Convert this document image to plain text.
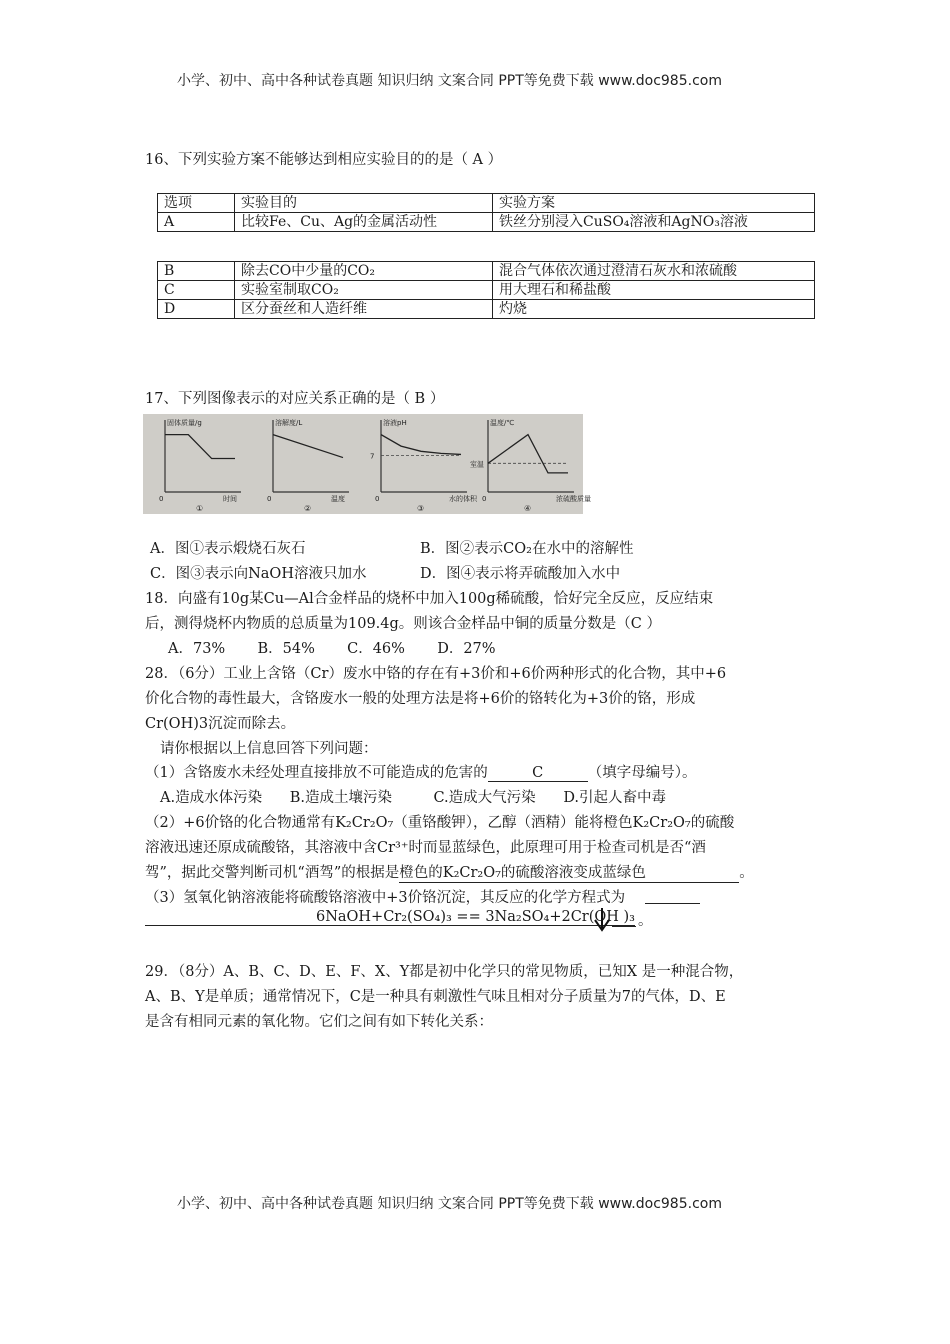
小学、初中、高中各种试卷真题 知识归纳 文案合同 PPT等免费下载 www.doc985.com
16、下列实验方案不能够达到相应实验目的的是（ A ）
选项	实验目的	实验方案
A	比较Fe、Cu、Ag的金属活动性	铁丝分别浸入CuSO₄溶液和AgNO₃溶液
B	除去CO中少量的CO₂	混合气体依次通过澄清石灰水和浓硫酸
C	实验室制取CO₂	用大理石和稀盐酸
D	区分蚕丝和人造纤维	灼烧
17、下列图像表示的对应关系正确的是（ B ）
固体质量/g
时间
0
①
溶解度/L
温度
0
②
溶液pH
水的体积
0
③
7
温度/℃
浓硫酸质量
0
④
室温
A．图①表示煅烧石灰石	B．图②表示CO₂在水中的溶解性
C．图③表示向NaOH溶液只加水	D．图④表示将弄硫酸加入水中
18．向盛有10g某Cu—Al合金样品的烧杯中加入100g稀硫酸，恰好完全反应，反应结束
后，测得烧杯内物质的总质量为109.4g。则该合金样品中铜的质量分数是（C ）
A．73%       B．54%       C．46%       D．27%
28．（6分）工业上含铬（Cr）废水中铬的存在有+3价和+6价两种形式的化合物，其中+6
价化合物的毒性最大，含铬废水一般的处理方法是将+6价的铬转化为+3价的铬，形成
Cr(OH)3沉淀而除去。
请你根据以上信息回答下列问题：
（1）含铬废水未经处理直接排放不可能造成的危害的	C	（填字母编号）。
A.造成水体污染      B.造成土壤污染         C.造成大气污染      D.引起人畜中毒
（2）+6价铬的化合物通常有K₂Cr₂O₇（重铬酸钾），乙醇（酒精）能将橙色K₂Cr₂O₇的硫酸
溶液迅速还原成硫酸铬，其溶液中含Cr³⁺时而显蓝绿色，此原理可用于检查司机是否“酒
驾”，据此交警判断司机“酒驾”的根据是橙色的K₂Cr₂O₇的硫酸溶液变成蓝绿色	。
（3）氢氧化钠溶液能将硫酸铬溶液中+3价铬沉淀，其反应的化学方程式为
6NaOH+Cr₂(SO₄)₃ == 3Na₂SO₄+2Cr(OH )₃ 。
29．（8分）A、B、C、D、E、F、X、Y都是初中化学只的常见物质，已知X 是一种混合物，
A、B、Y是单质；通常情况下，C是一种具有刺激性气味且相对分子质量为7的气体，D、E
是含有相同元素的氧化物。它们之间有如下转化关系：
小学、初中、高中各种试卷真题 知识归纳 文案合同 PPT等免费下载 www.doc985.com
